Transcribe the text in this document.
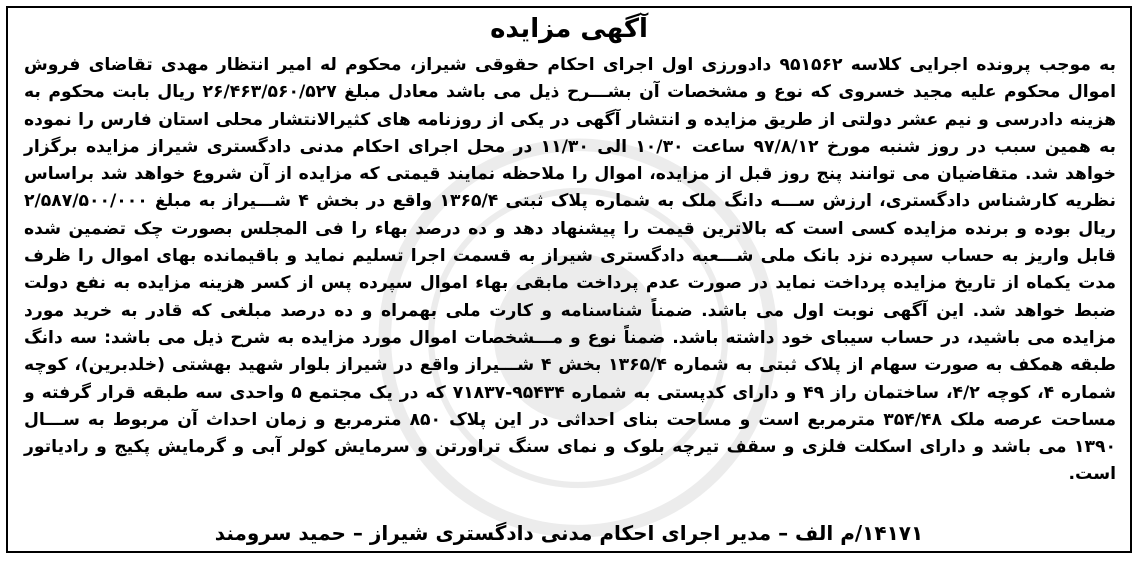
آگهی مزایده
به موجب پرونده اجرایی کلاسه ۹۵۱۵۶۲ دادورزی اول اجرای احکام حقوقی شیراز، محکوم له امیر انتظار مهدی تقاضای فروش اموال محکوم علیه مجید خسروی که نوع و مشخصات آن بشـــرح ذیل می باشد معادل مبلغ ۲۶/۴۶۳/۵۶۰/۵۲۷ ریال بابت محکوم به هزینه دادرسی و نیم عشر دولتی از طریق مزایده و انتشار آگهی در یکی از روزنامه های کثیرالانتشار محلی استان فارس را نموده به همین سبب در روز شنبه مورخ ۹۷/۸/۱۲ ساعت ۱۰/۳۰ الی ۱۱/۳۰ در محل اجرای احکام مدنی دادگستری شیراز مزایده برگزار خواهد شد. متقاضیان می توانند پنج روز قبل از مزایده، اموال را ملاحظه نمایند قیمتی که مزایده از آن شروع خواهد شد براساس نظریه کارشناس دادگستری، ارزش ســـه دانگ ملک به شماره پلاک ثبتی ۱۳۶۵/۴ واقع در بخش ۴ شـــیراز به مبلغ ۲/۵۸۷/۵۰۰/۰۰۰ ریال بوده و برنده مزایده کسی است که بالاترین قیمت را پیشنهاد دهد و ده درصد بهاء را فی المجلس بصورت چک تضمین شده قابل واریز به حساب سپرده نزد بانک ملی شـــعبه دادگستری شیراز به قسمت اجرا تسلیم نماید و باقیمانده بهای اموال را ظرف مدت یکماه از تاریخ مزایده پرداخت نماید در صورت عدم پرداخت مابقی بهاء اموال سپرده پس از کسر هزینه مزایده به نفع دولت ضبط خواهد شد. این آگهی نوبت اول می باشد. ضمناً شناسنامه و کارت ملی بهمراه و ده درصد مبلغی که قادر به خرید مورد مزایده می باشید، در حساب سیبای خود داشته باشد. ضمناً نوع و مـــشخصات اموال مورد مزایده به شرح ذیل می باشد: سه دانگ طبقه همکف به صورت سهام از پلاک ثبتی به شماره ۱۳۶۵/۴ بخش ۴ شـــیراز واقع در شیراز بلوار شهید بهشتی (خلدبرین)، کوچه شماره ۴، کوچه ۴/۲، ساختمان راز ۴۹ و دارای کدپستی به شماره ۹۵۴۳۴-۷۱۸۳۷ که در یک مجتمع ۵ واحدی سه طبقه قرار گرفته و مساحت عرصه ملک ۳۵۴/۴۸ مترمربع است و مساحت بنای احداثی در این پلاک ۸۵۰ مترمربع و زمان احداث آن مربوط به ســـال ۱۳۹۰ می باشد و دارای اسکلت فلزی و سقف تیرچه بلوک و نمای سنگ تراورتن و سرمایش کولر آبی و گرمایش پکیج و رادیاتور است.
۱۴۱۷۱/م الف – مدیر اجرای احکام مدنی دادگستری شیراز – حمید سرومند
